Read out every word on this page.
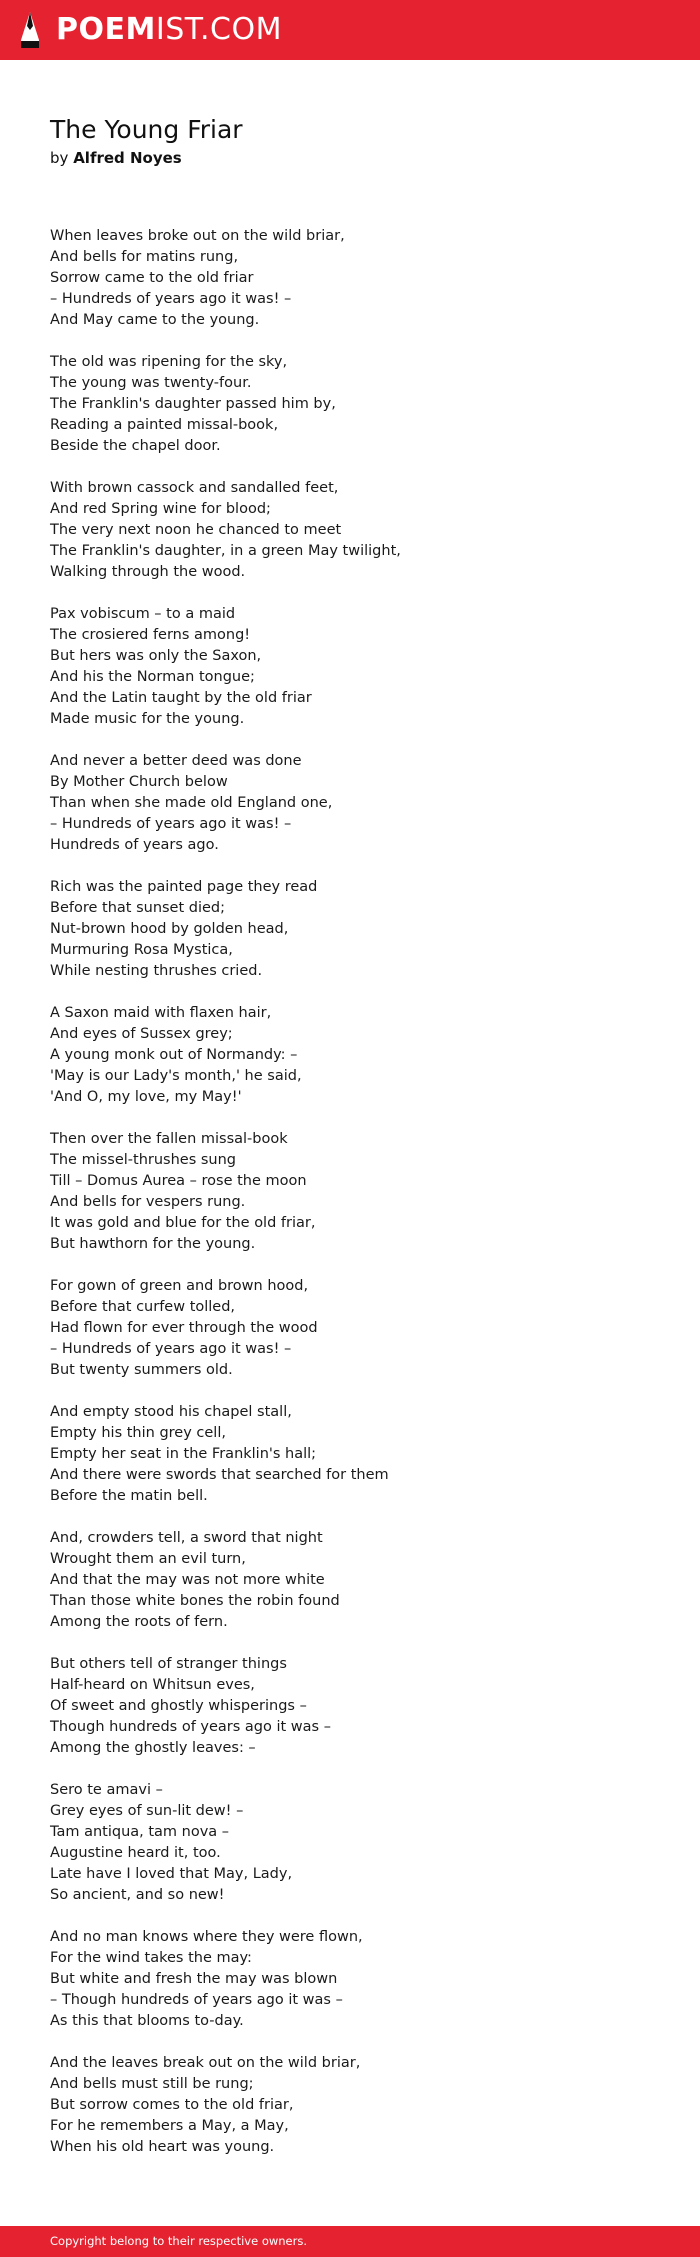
POEMIST.COM
The Young Friar
by Alfred Noyes
When leaves broke out on the wild briar,
And bells for matins rung,
Sorrow came to the old friar
– Hundreds of years ago it was! –
And May came to the young.
The old was ripening for the sky,
The young was twenty-four.
The Franklin's daughter passed him by,
Reading a painted missal-book,
Beside the chapel door.
With brown cassock and sandalled feet,
And red Spring wine for blood;
The very next noon he chanced to meet
The Franklin's daughter, in a green May twilight,
Walking through the wood.
Pax vobiscum – to a maid
The crosiered ferns among!
But hers was only the Saxon,
And his the Norman tongue;
And the Latin taught by the old friar
Made music for the young.
And never a better deed was done
By Mother Church below
Than when she made old England one,
– Hundreds of years ago it was! –
Hundreds of years ago.
Rich was the painted page they read
Before that sunset died;
Nut-brown hood by golden head,
Murmuring Rosa Mystica,
While nesting thrushes cried.
A Saxon maid with flaxen hair,
And eyes of Sussex grey;
A young monk out of Normandy: –
'May is our Lady's month,' he said,
'And O, my love, my May!'
Then over the fallen missal-book
The missel-thrushes sung
Till – Domus Aurea – rose the moon
And bells for vespers rung.
It was gold and blue for the old friar,
But hawthorn for the young.
For gown of green and brown hood,
Before that curfew tolled,
Had flown for ever through the wood
– Hundreds of years ago it was! –
But twenty summers old.
And empty stood his chapel stall,
Empty his thin grey cell,
Empty her seat in the Franklin's hall;
And there were swords that searched for them
Before the matin bell.
And, crowders tell, a sword that night
Wrought them an evil turn,
And that the may was not more white
Than those white bones the robin found
Among the roots of fern.
But others tell of stranger things
Half-heard on Whitsun eves,
Of sweet and ghostly whisperings –
Though hundreds of years ago it was –
Among the ghostly leaves: –
Sero te amavi –
Grey eyes of sun-lit dew! –
Tam antiqua, tam nova –
Augustine heard it, too.
Late have I loved that May, Lady,
So ancient, and so new!
And no man knows where they were flown,
For the wind takes the may:
But white and fresh the may was blown
– Though hundreds of years ago it was –
As this that blooms to-day.
And the leaves break out on the wild briar,
And bells must still be rung;
But sorrow comes to the old friar,
For he remembers a May, a May,
When his old heart was young.
Copyright belong to their respective owners.
